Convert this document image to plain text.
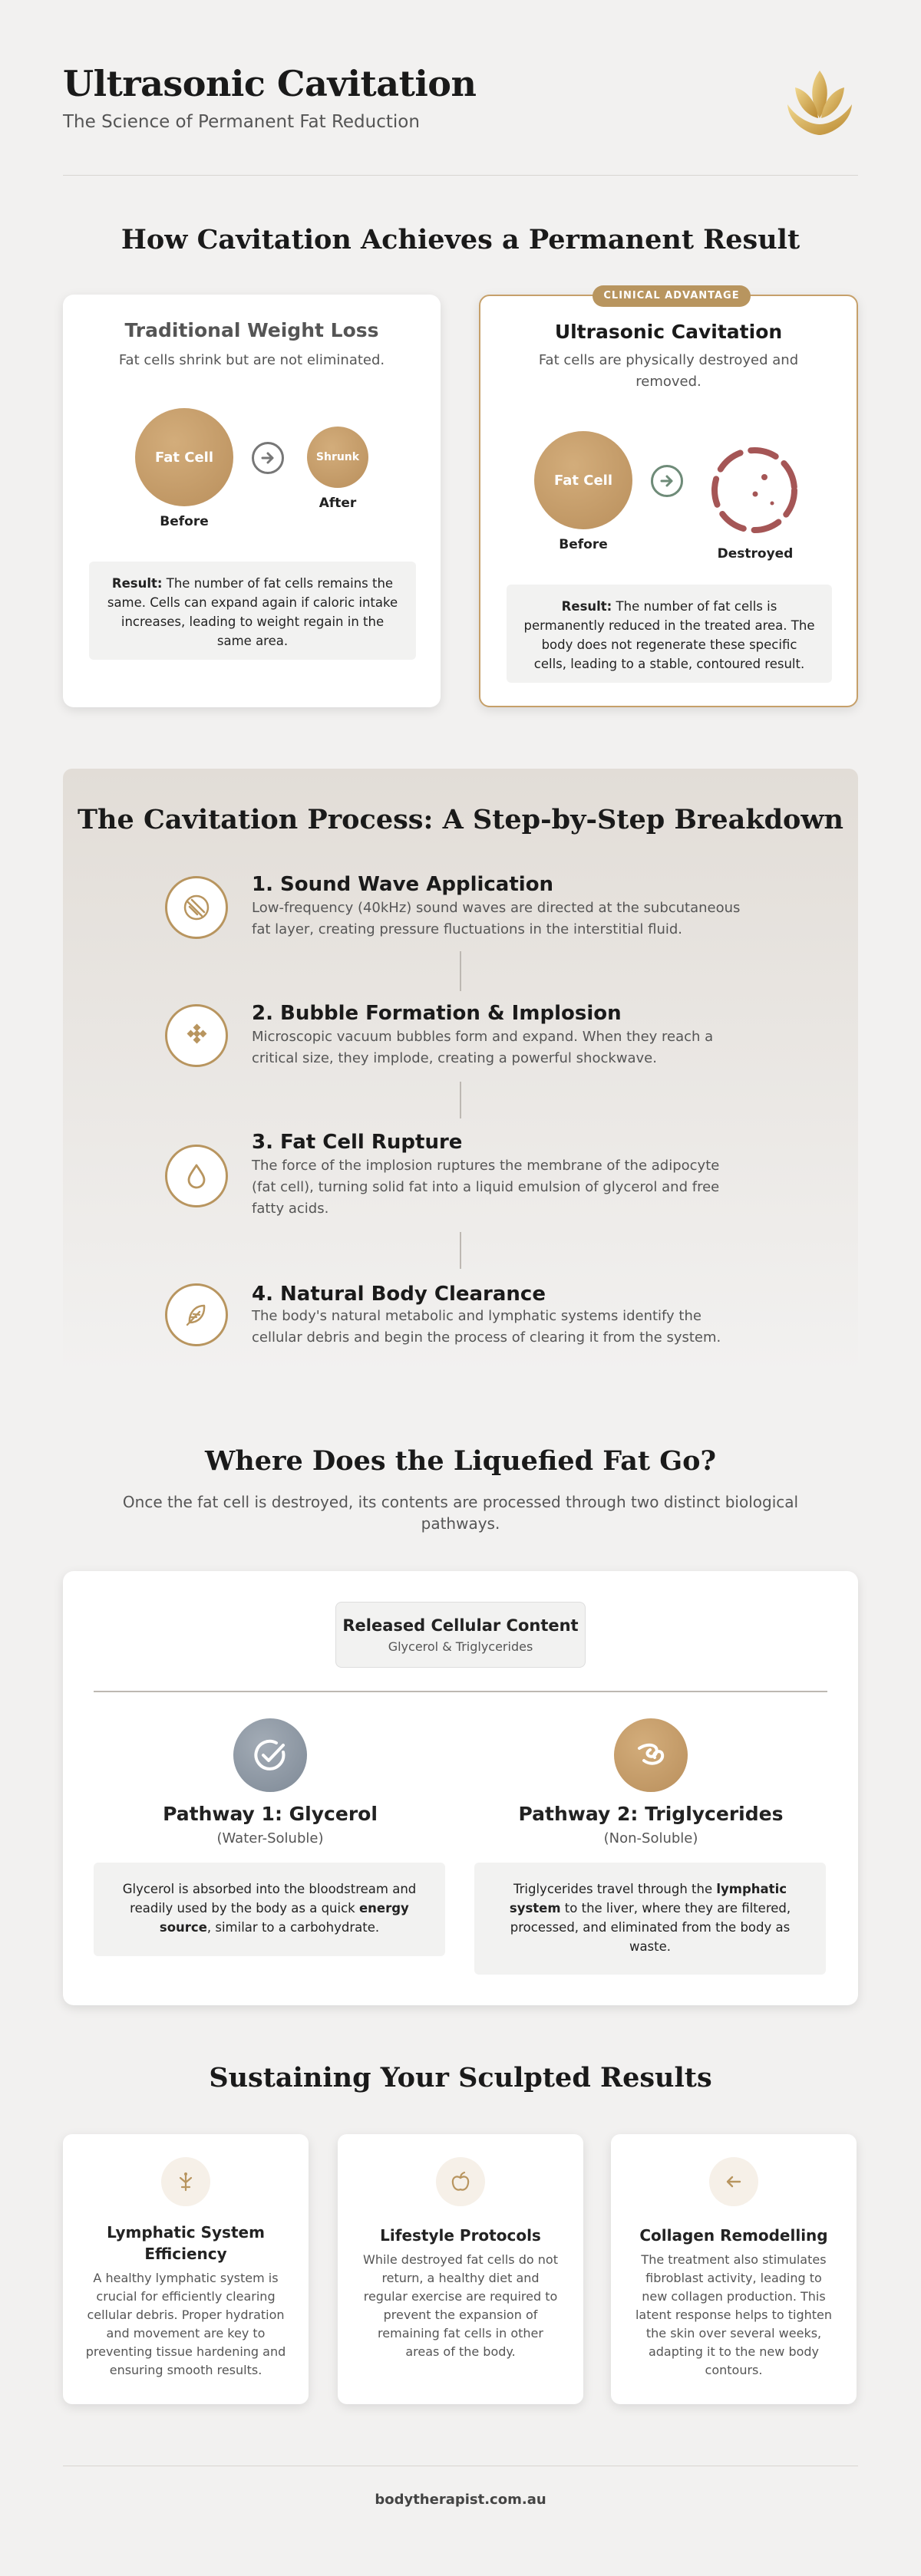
Ultrasonic Cavitation
The Science of Permanent Fat Reduction
How Cavitation Achieves a Permanent Result
Traditional Weight Loss
Fat cells shrink but are not eliminated.
Fat Cell
Before
Shrunk
After
Result: The number of fat cells remains the same. Cells can expand again if caloric intake increases, leading to weight regain in the same area.
CLINICAL ADVANTAGE
Ultrasonic Cavitation
Fat cells are physically destroyed and removed.
Fat Cell
Before
Destroyed
Result: The number of fat cells is permanently reduced in the treated area. The body does not regenerate these specific cells, leading to a stable, contoured result.
The Cavitation Process: A Step-by-Step Breakdown
1. Sound Wave Application
Low-frequency (40kHz) sound waves are directed at the subcutaneous fat layer, creating pressure fluctuations in the interstitial fluid.
2. Bubble Formation & Implosion
Microscopic vacuum bubbles form and expand. When they reach a critical size, they implode, creating a powerful shockwave.
3. Fat Cell Rupture
The force of the implosion ruptures the membrane of the adipocyte (fat cell), turning solid fat into a liquid emulsion of glycerol and free fatty acids.
4. Natural Body Clearance
The body's natural metabolic and lymphatic systems identify the cellular debris and begin the process of clearing it from the system.
Where Does the Liquefied Fat Go?
Once the fat cell is destroyed, its contents are processed through two distinct biological pathways.
Released Cellular Content
Glycerol & Triglycerides
Pathway 1: Glycerol
(Water-Soluble)
Glycerol is absorbed into the bloodstream and readily used by the body as a quick energy source, similar to a carbohydrate.
Pathway 2: Triglycerides
(Non-Soluble)
Triglycerides travel through the lymphatic system to the liver, where they are filtered, processed, and eliminated from the body as waste.
Sustaining Your Sculpted Results
Lymphatic System Efficiency
A healthy lymphatic system is crucial for efficiently clearing cellular debris. Proper hydration and movement are key to preventing tissue hardening and ensuring smooth results.
Lifestyle Protocols
While destroyed fat cells do not return, a healthy diet and regular exercise are required to prevent the expansion of remaining fat cells in other areas of the body.
Collagen Remodelling
The treatment also stimulates fibroblast activity, leading to new collagen production. This latent response helps to tighten the skin over several weeks, adapting it to the new body contours.
bodytherapist.com.au
